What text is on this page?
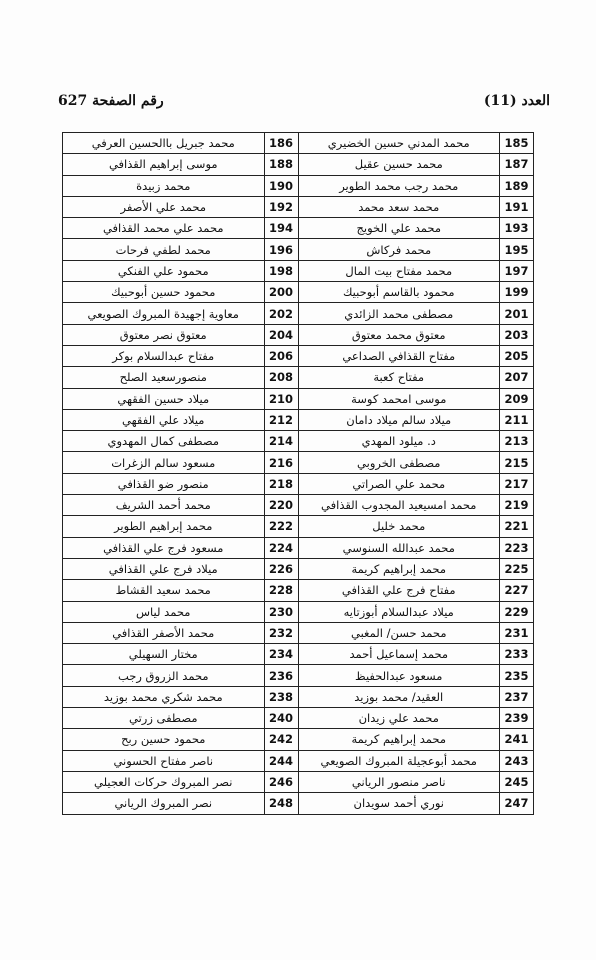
العدد (11)
رقم الصفحة 627
185	محمد المدني حسين الخضيري	186	محمد جبريل باالحسين العرفي
187	محمد حسين عقيل	188	موسى إبراهيم القذافي
189	محمد رجب محمد الطوير	190	محمد زبيدة
191	محمد سعد محمد	192	محمد علي الأصفر
193	محمد علي الخويج	194	محمد علي محمد القذافي
195	محمد فركاش	196	محمد لطفي فرحات
197	محمد مفتاح بيت المال	198	محمود علي الفنكي
199	محمود بالقاسم أبوحبيك	200	محمود حسين أبوحبيك
201	مصطفى محمد الزائدي	202	معاوية إجهيدة المبروك الصويعي
203	معتوق محمد معتوق	204	معتوق نصر معتوق
205	مفتاح القذافي الصداعي	206	مفتاح عبدالسلام بوكر
207	مفتاح كعبة	208	منصورسعيد الصلح
209	موسى امحمد كوسة	210	ميلاد حسين الفقهي
211	ميلاد سالم ميلاد دامان	212	ميلاد علي الفقهي
213	د. ميلود المهدي	214	مصطفى كمال المهدوي
215	مصطفى الخروبي	216	مسعود سالم الزغرات
217	محمد علي الصراتي	218	منصور ضو القذافي
219	محمد امسيعيد المجدوب القذافي	220	محمد أحمد الشريف
221	محمد خليل	222	محمد إبراهيم الطوير
223	محمد عبدالله السنوسي	224	مسعود فرج علي القذافي
225	محمد إبراهيم كريمة	226	ميلاد فرج علي القذافي
227	مفتاح فرج علي القذافي	228	محمد سعيد القشاط
229	ميلاد عبدالسلام أبوزتايه	230	محمد لياس
231	محمد حسن/ المغبي	232	محمد الأصفر القذافي
233	محمد إسماعيل أحمد	234	مختار السهيلي
235	مسعود عبدالحفيظ	236	محمد الزروق رجب
237	العقيد/ محمد بوزيد	238	محمد شكري محمد بوزيد
239	محمد علي زيدان	240	مصطفى زرتي
241	محمد إبراهيم كريمة	242	محمود حسين ربح
243	محمد أبوعجيلة المبروك الصويعي	244	ناصر مفتاح الحسوني
245	ناصر منصور الرياني	246	نصر المبروك حركات العجيلي
247	نوري أحمد سويدان	248	نصر المبروك الرياني
